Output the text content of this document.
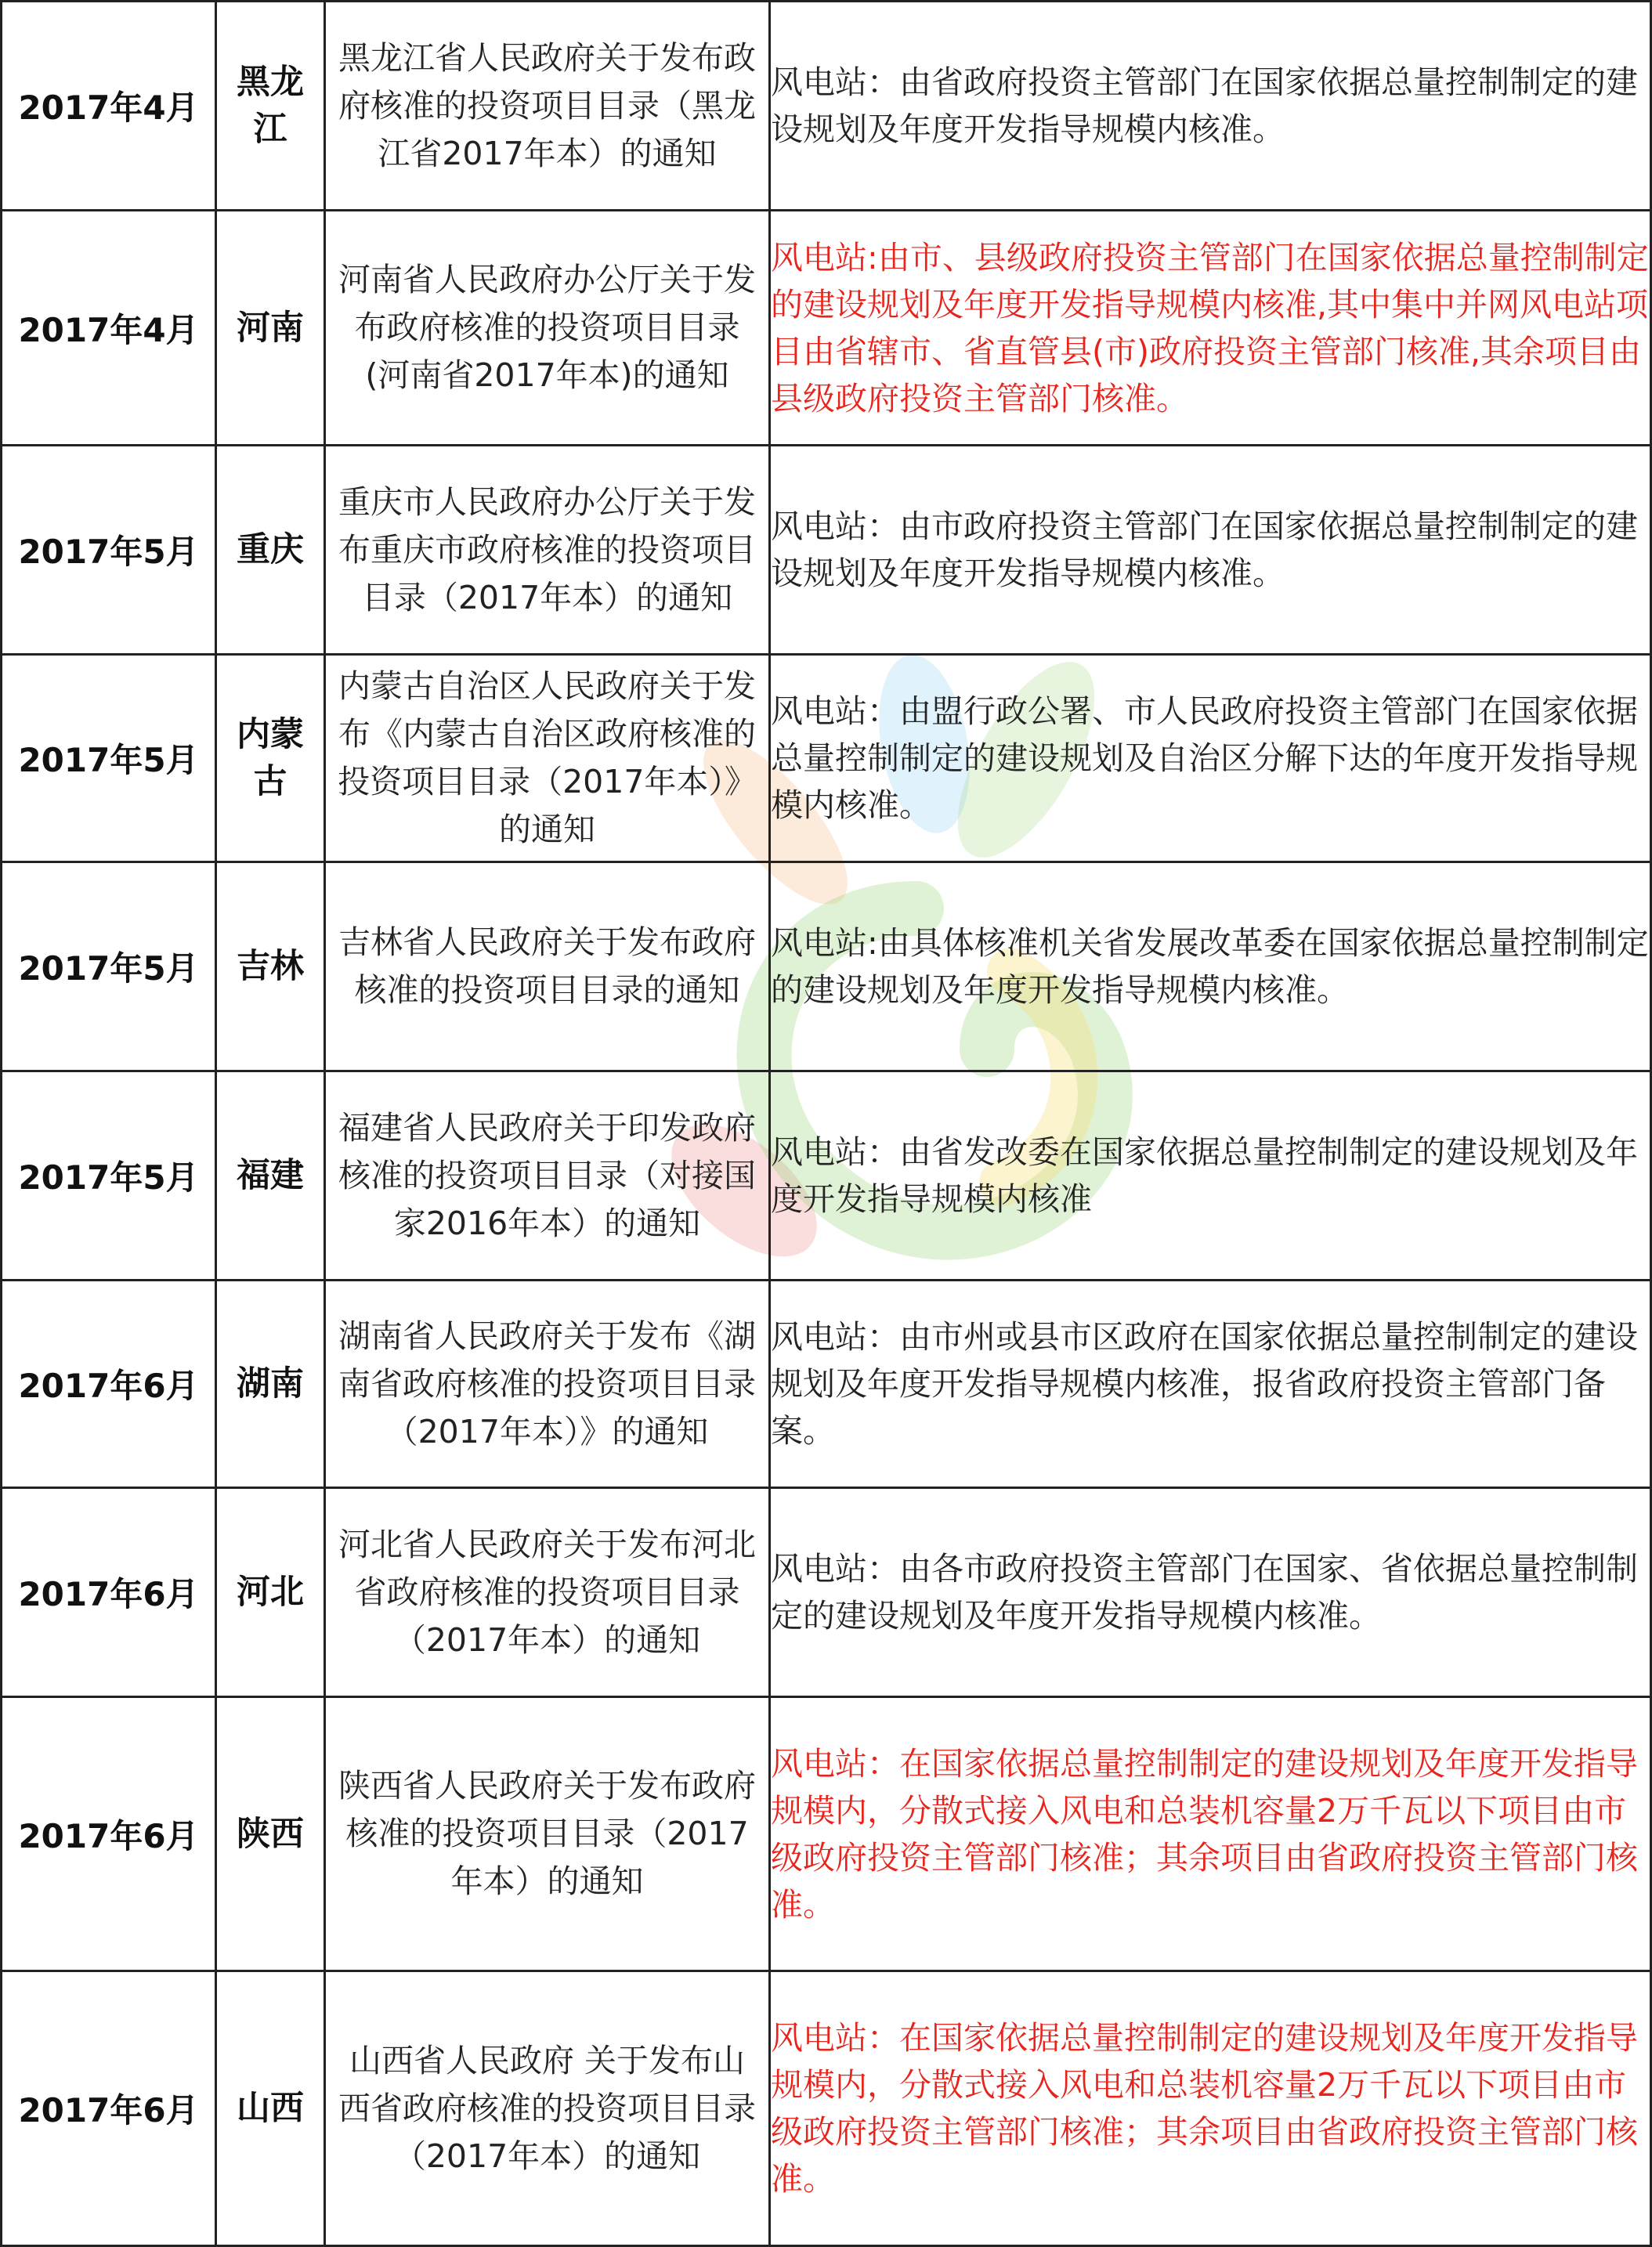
2017年4月	黑龙江	黑龙江省人民政府关于发布政府核准的投资项目目录（黑龙江省2017年本）的通知	风电站：由省政府投资主管部门在国家依据总量控制制定的建设规划及年度开发指导规模内核准。
2017年4月	河南	河南省人民政府办公厅关于发布政府核准的投资项目目录(河南省2017年本)的通知	风电站:由市、县级政府投资主管部门在国家依据总量控制制定的建设规划及年度开发指导规模内核准,其中集中并网风电站项目由省辖市、省直管县(市)政府投资主管部门核准,其余项目由县级政府投资主管部门核准。
2017年5月	重庆	重庆市人民政府办公厅关于发布重庆市政府核准的投资项目目录（2017年本）的通知	风电站：由市政府投资主管部门在国家依据总量控制制定的建设规划及年度开发指导规模内核准。
2017年5月	内蒙古	内蒙古自治区人民政府关于发布《内蒙古自治区政府核准的投资项目目录（2017年本）》的通知	风电站：由盟行政公署、市人民政府投资主管部门在国家依据总量控制制定的建设规划及自治区分解下达的年度开发指导规模内核准。
2017年5月	吉林	吉林省人民政府关于发布政府核准的投资项目目录的通知	风电站:由具体核准机关省发展改革委在国家依据总量控制制定的建设规划及年度开发指导规模内核准。
2017年5月	福建	福建省人民政府关于印发政府核准的投资项目目录（对接国家2016年本）的通知	风电站：由省发改委在国家依据总量控制制定的建设规划及年度开发指导规模内核准
2017年6月	湖南	湖南省人民政府关于发布《湖南省政府核准的投资项目目录（2017年本）》的通知	风电站：由市州或县市区政府在国家依据总量控制制定的建设规划及年度开发指导规模内核准，报省政府投资主管部门备案。
2017年6月	河北	河北省人民政府关于发布河北省政府核准的投资项目目录（2017年本）的通知	风电站：由各市政府投资主管部门在国家、省依据总量控制制定的建设规划及年度开发指导规模内核准。
2017年6月	陕西	陕西省人民政府关于发布政府核准的投资项目目录（2017年本）的通知	风电站：在国家依据总量控制制定的建设规划及年度开发指导规模内，分散式接入风电和总装机容量2万千瓦以下项目由市级政府投资主管部门核准；其余项目由省政府投资主管部门核准。
2017年6月	山西	山西省人民政府 关于发布山西省政府核准的投资项目目录（2017年本）的通知	风电站：在国家依据总量控制制定的建设规划及年度开发指导规模内，分散式接入风电和总装机容量2万千瓦以下项目由市级政府投资主管部门核准；其余项目由省政府投资主管部门核准。
